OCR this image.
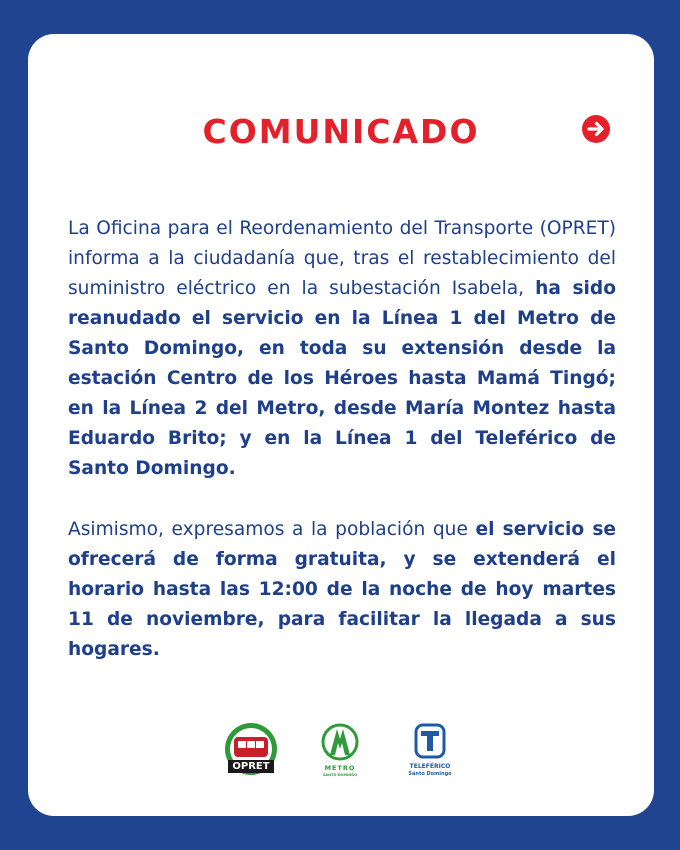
COMUNICADO

La Oficina para el Reordenamiento del Transporte (OPRET) informa a la ciudadanía que, tras el restablecimiento del suministro eléctrico en la subestación Isabela, ha sido reanudado el servicio en la Línea 1 del Metro de Santo Domingo, en toda su extensión desde la estación Centro de los Héroes hasta Mamá Tingó; en la Línea 2 del Metro, desde María Montez hasta Eduardo Brito; y en la Línea 1 del Teleférico de Santo Domingo.

Asimismo, expresamos a la población que el servicio se ofrecerá de forma gratuita, y se extenderá el horario hasta las 12:00 de la noche de hoy martes 11 de noviembre, para facilitar la llegada a sus hogares.

OPRET	METRO
SANTO DOMINGO
TELEFÉRICO
Santo Domingo
